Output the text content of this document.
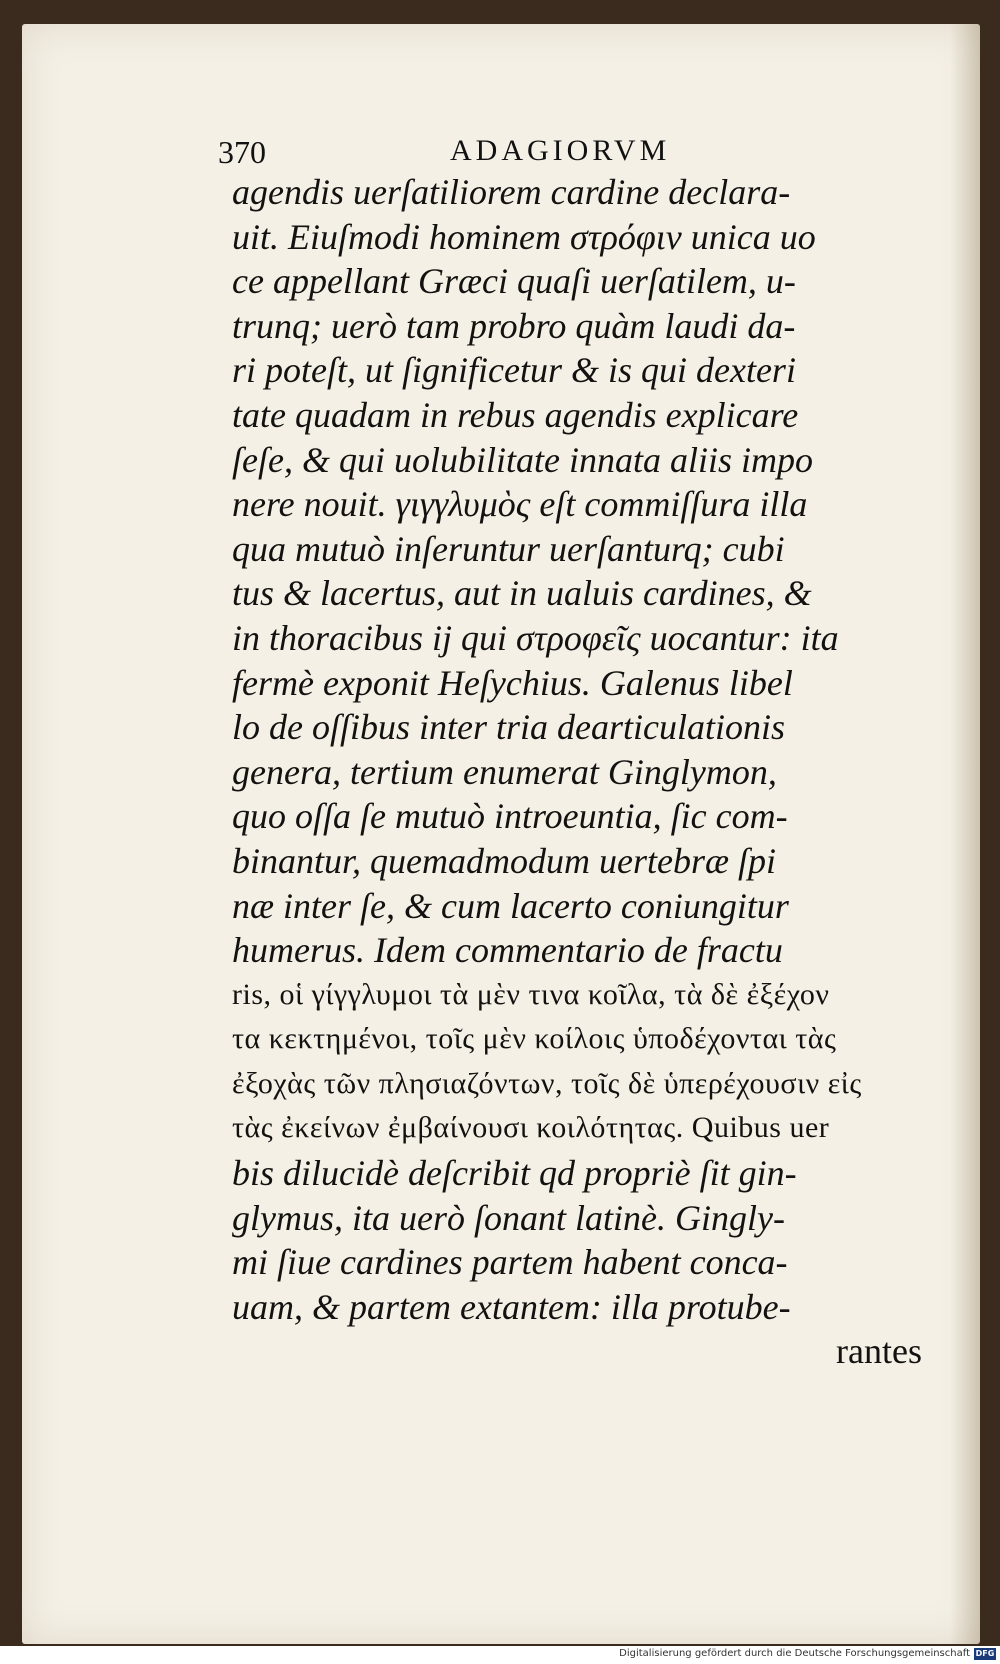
370	ADAGIORVM
agendis uerſatiliorem cardine declara-
uit. Eiuſmodi hominem στρόφιν unica uo
ce appellant Græci quaſi uerſatilem, u-
trunq; uerò tam probro quàm laudi da-
ri poteſt, ut ſignificetur & is qui dexteri
tate quadam in rebus agendis explicare
ſeſe, & qui uolubilitate innata aliis impo
nere nouit. γιγγλυμὸς eſt commiſſura illa
qua mutuò inſeruntur uerſanturq; cubi
tus & lacertus, aut in ualuis cardines, &
in thoracibus ij qui στροφεῖς uocantur: ita
fermè exponit Heſychius. Galenus libel
lo de oſſibus inter tria dearticulationis
genera, tertium enumerat Ginglymon,
quo oſſa ſe mutuò introeuntia, ſic com-
binantur, quemadmodum uertebræ ſpi
næ inter ſe, & cum lacerto coniungitur
humerus. Idem commentario de fractu
ris, οἱ γίγγλυμοι τὰ μὲν τινα κοῖλα, τὰ δὲ ἐξέχον
τα κεκτημένοι, τοῖς μὲν κοίλοις ὑποδέχονται τὰς
ἐξοχὰς τῶν πλησιαζόντων, τοῖς δὲ ὑπερέχουσιν εἰς
τὰς ἐκείνων ἐμβαίνουσι κοιλότητας. Quibus uer
bis dilucidè deſcribit qd propriè ſit gin-
glymus, ita uerò ſonant latinè. Gingly-
mi ſiue cardines partem habent conca-
uam, & partem extantem: illa protube-
rantes
Digitalisierung gefördert durch die Deutsche Forschungsgemeinschaft DFG
